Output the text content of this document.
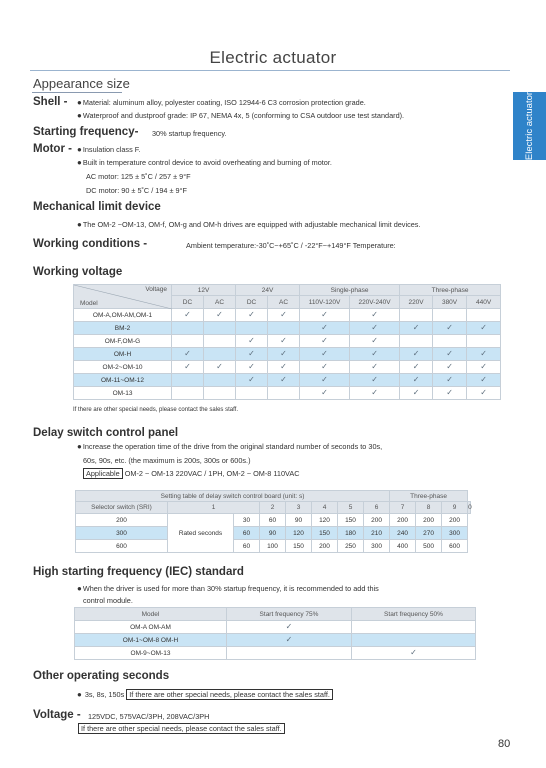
Electric actuator
Electric actuator
Appearance size
Shell -	● Material: aluminum alloy, polyester coating, ISO 12944-6 C3 corrosion protection grade.
● Waterproof and dustproof grade: IP 67, NEMA 4x, 5 (conforming to CSA outdoor use test standard).
Starting frequency- 30% startup frequency.
Motor -	● Insulation class F.
● Built in temperature control device to avoid overheating and burning of motor.
AC motor: 125 ± 5˚C / 257 ± 9°F
DC motor: 90 ± 5˚C / 194 ± 9°F
Mechanical limit device
● The OM-2 ~OM-13, OM-f, OM-g and OM-h drives are equipped with adjustable mechanical limit devices.
Working conditions -	Ambient temperature:-30˚C~+65˚C / -22°F~+149°F Temperature:
Working voltage
Voltage
Model	12V		24V		Single-phase		Three-phase		
	DC	AC	DC	AC	110V-120V	220V-240V	220V	380V	440V
OM-A,OM-AM,OM-1	✓	✓	✓	✓	✓	✓			
BM-2					✓	✓	✓	✓	✓
OM-F,OM-G			✓	✓	✓	✓			
OM-H	✓		✓	✓	✓	✓	✓	✓	✓
OM-2~OM-10	✓	✓	✓	✓	✓	✓	✓	✓	✓
OM-11~OM-12			✓	✓	✓	✓	✓	✓	✓
OM-13					✓	✓	✓	✓	✓
If there are other special needs, please contact the sales staff.
Delay switch control panel
● Increase the operation time of the drive from the original standard number of seconds to 30s,
60s, 90s, etc. (the maximum is 200s, 300s or 600s.)
Applicable OM-2 ~ OM-13 220VAC / 1PH, OM-2 ~ OM-8 110VAC
Setting table of delay switch control board (unit: s)								Three-phase			
Selector switch (SRI)	1		2	3	4	5	6	7	8	9	0
200	Rated seconds	30	60	90	120	150	200	200	200	200	
300		60	90	120	150	180	210	240	270	300	
600		60	100	150	200	250	300	400	500	600	
High starting frequency (IEC) standard
● When the driver is used for more than 30% startup frequency, it is recommended to add this
control module.
Model	Start frequency 75%	Start frequency 50%
OM-A OM-AM	✓	
OM-1~OM-8 OM-H	✓	
OM-9~OM-13		✓
Other operating seconds
● 3s, 8s, 150s If there are other special needs, please contact the sales staff.
Voltage - 125VDC, 575VAC/3PH, 208VAC/3PH
If there are other special needs, please contact the sales staff.
80
